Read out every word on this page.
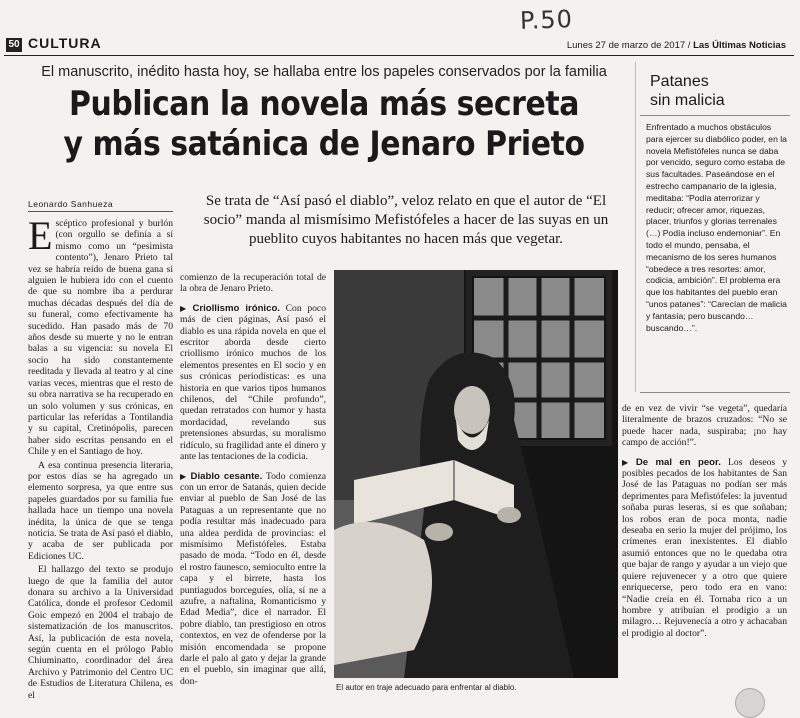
P.50
50 CULTURA	Lunes 27 de marzo de 2017 / Las Últimas Noticias
El manuscrito, inédito hasta hoy, se hallaba entre los papeles conservados por la familia
Publican la novela más secreta
y más satánica de Jenaro Prieto
Leonardo Sanhueza	Se trata de “Así pasó el diablo”, veloz relato en que el autor de “El socio” manda al mismísimo Mefistófeles a hacer de las suyas en un pueblito cuyos habitantes no hacen más que vegetar.
Patanes
sin malicia
Enfrentado a muchos obstáculos para ejercer su diabólico poder, en la novela Mefistófeles nunca se daba por vencido, seguro como estaba de sus facultades. Paseándose en el estrecho campanario de la iglesia, meditaba: “Podía aterrorizar y reducir; ofrecer amor, riquezas, placer, triunfos y glorias terrenales (…) Podía incluso endemoniar”. En todo el mundo, pensaba, el mecanismo de los seres humanos “obedece a tres resortes: amor, codicia, ambición”. El problema era que los habitantes del pueblo eran “unos patanes”: “Carecían de malicia y fantasía; pero buscando… buscando…”.

Escéptico profesional y burlón (con orgullo se definía a sí mismo como un “pesimista contento”), Jenaro Prieto tal vez se habría reído de buena gana si alguien le hubiera ido con el cuento de que su nombre iba a perdurar muchas décadas después del día de su funeral, como efectivamente ha sucedido. Han pasado más de 70 años desde su muerte y no le entran balas a su vigencia: su novela El socio ha sido constantemente reeditada y llevada al teatro y al cine varias veces, mientras que el resto de su obra narrativa se ha recuperado en un solo volumen y sus crónicas, en particular las referidas a Tontilandia y su capital, Cretinópolis, parecen haber sido escritas pensando en el Chile y en el Santiago de hoy.

A esa continua presencia literaria, por estos días se ha agregado un elemento sorpresa, ya que entre sus papeles guardados por su familia fue hallada hace un tiempo una novela inédita, la única de que se tenga noticia. Se trata de Así pasó el diablo, y acaba de ser publicada por Ediciones UC.

El hallazgo del texto se produjo luego de que la familia del autor donara su archivo a la Universidad Católica, donde el profesor Cedomil Goic empezó en 2004 el trabajo de sistematización de los manuscritos. Así, la publicación de esta novela, según cuenta en el prólogo Pablo Chiuminatto, coordinador del área Archivo y Patrimonio del Centro UC de Estudios de Literatura Chilena, es el

comienzo de la recuperación total de la obra de Jenaro Prieto.

▶ Criollismo irónico. Con poco más de cien páginas, Así pasó el diablo es una rápida novela en que el escritor aborda desde cierto criollismo irónico muchos de los elementos presentes en El socio y en sus crónicas periodísticas: es una historia en que varios tipos humanos chilenos, del “Chile profundo”, quedan retratados con humor y hasta mordacidad, revelando sus pretensiones absurdas, su moralismo ridículo, su fragilidad ante el dinero y ante las tentaciones de la codicia.

▶ Diablo cesante. Todo comienza con un error de Satanás, quien decide enviar al pueblo de San José de las Pataguas a un representante que no podía resultar más inadecuado para una aldea perdida de provincias: el mismísimo Mefistófeles. Estaba pasado de moda. “Todo en él, desde el rostro faunesco, semioculto entre la capa y el birrete, hasta los puntiagudos borceguíes, olía, sí ne a azufre, a naftalina, Romanticismo y Edad Media”, dice el narrador. El pobre diablo, tan prestigioso en otros contextos, en vez de ofenderse por la misión encomendada se propone darle el palo al gato y dejar la grande en el pueblo, sin imaginar que allá, don-

El autor en traje adecuado para enfrentar al diablo.

de en vez de vivir “se vegeta”, quedaría literalmente de brazos cruzados: “No se puede hacer nada, suspiraba; ¡no hay campo de acción!”.

▶ De mal en peor. Los deseos y posibles pecados de los habitantes de San José de las Pataguas no podían ser más deprimentes para Mefistófeles: la juventud soñaba puras leseras, si es que soñaban; los robos eran de poca monta, nadie deseaba en serio la mujer del prójimo, los crímenes eran inexistentes. El diablo asumió entonces que no le quedaba otra que bajar de rango y ayudar a un viejo que quiere rejuvenecer y a otro que quiere enriquecerse, pero todo era en vano: “Nadie creía en él. Tornaba rico a un hombre y atribuían el prodigio a un milagro… Rejuvenecía a otro y achacaban el prodigio al doctor”.
